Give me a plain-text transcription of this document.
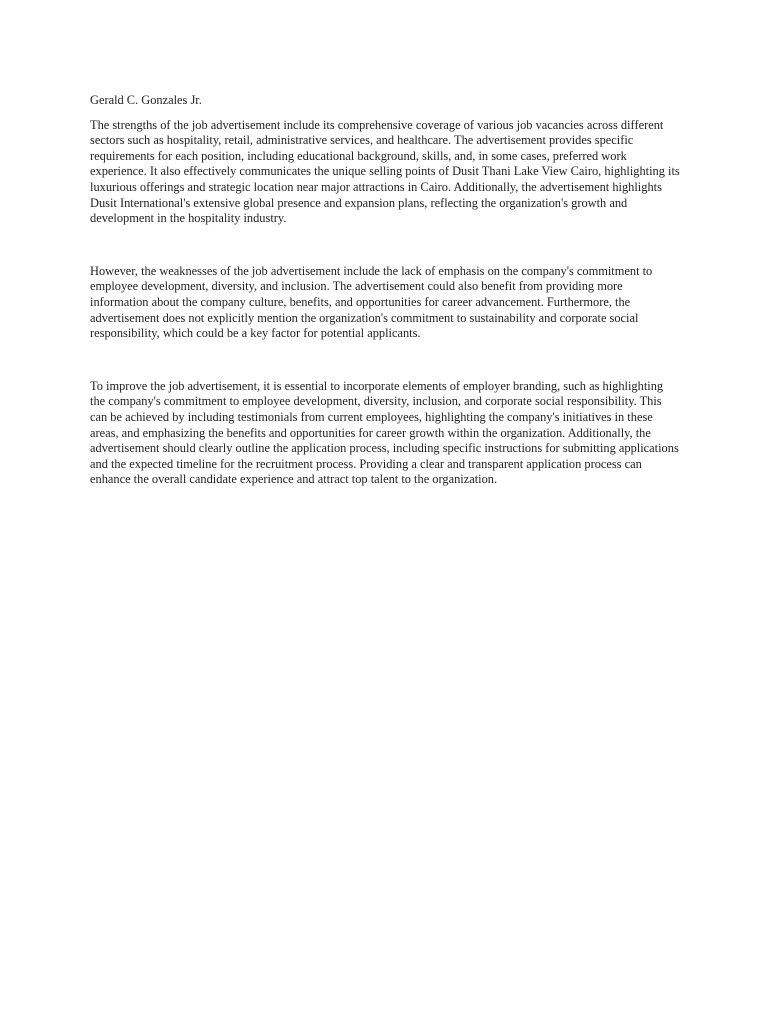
Gerald C. Gonzales Jr.

The strengths of the job advertisement include its comprehensive coverage of various job vacancies across different sectors such as hospitality, retail, administrative services, and healthcare. The advertisement provides specific requirements for each position, including educational background, skills, and, in some cases, preferred work experience. It also effectively communicates the unique selling points of Dusit Thani Lake View Cairo, highlighting its luxurious offerings and strategic location near major attractions in Cairo. Additionally, the advertisement highlights Dusit International's extensive global presence and expansion plans, reflecting the organization's growth and development in the hospitality industry.

However, the weaknesses of the job advertisement include the lack of emphasis on the company's commitment to employee development, diversity, and inclusion. The advertisement could also benefit from providing more information about the company culture, benefits, and opportunities for career advancement. Furthermore, the advertisement does not explicitly mention the organization's commitment to sustainability and corporate social responsibility, which could be a key factor for potential applicants.

To improve the job advertisement, it is essential to incorporate elements of employer branding, such as highlighting the company's commitment to employee development, diversity, inclusion, and corporate social responsibility. This can be achieved by including testimonials from current employees, highlighting the company's initiatives in these areas, and emphasizing the benefits and opportunities for career growth within the organization. Additionally, the advertisement should clearly outline the application process, including specific instructions for submitting applications and the expected timeline for the recruitment process. Providing a clear and transparent application process can enhance the overall candidate experience and attract top talent to the organization.
